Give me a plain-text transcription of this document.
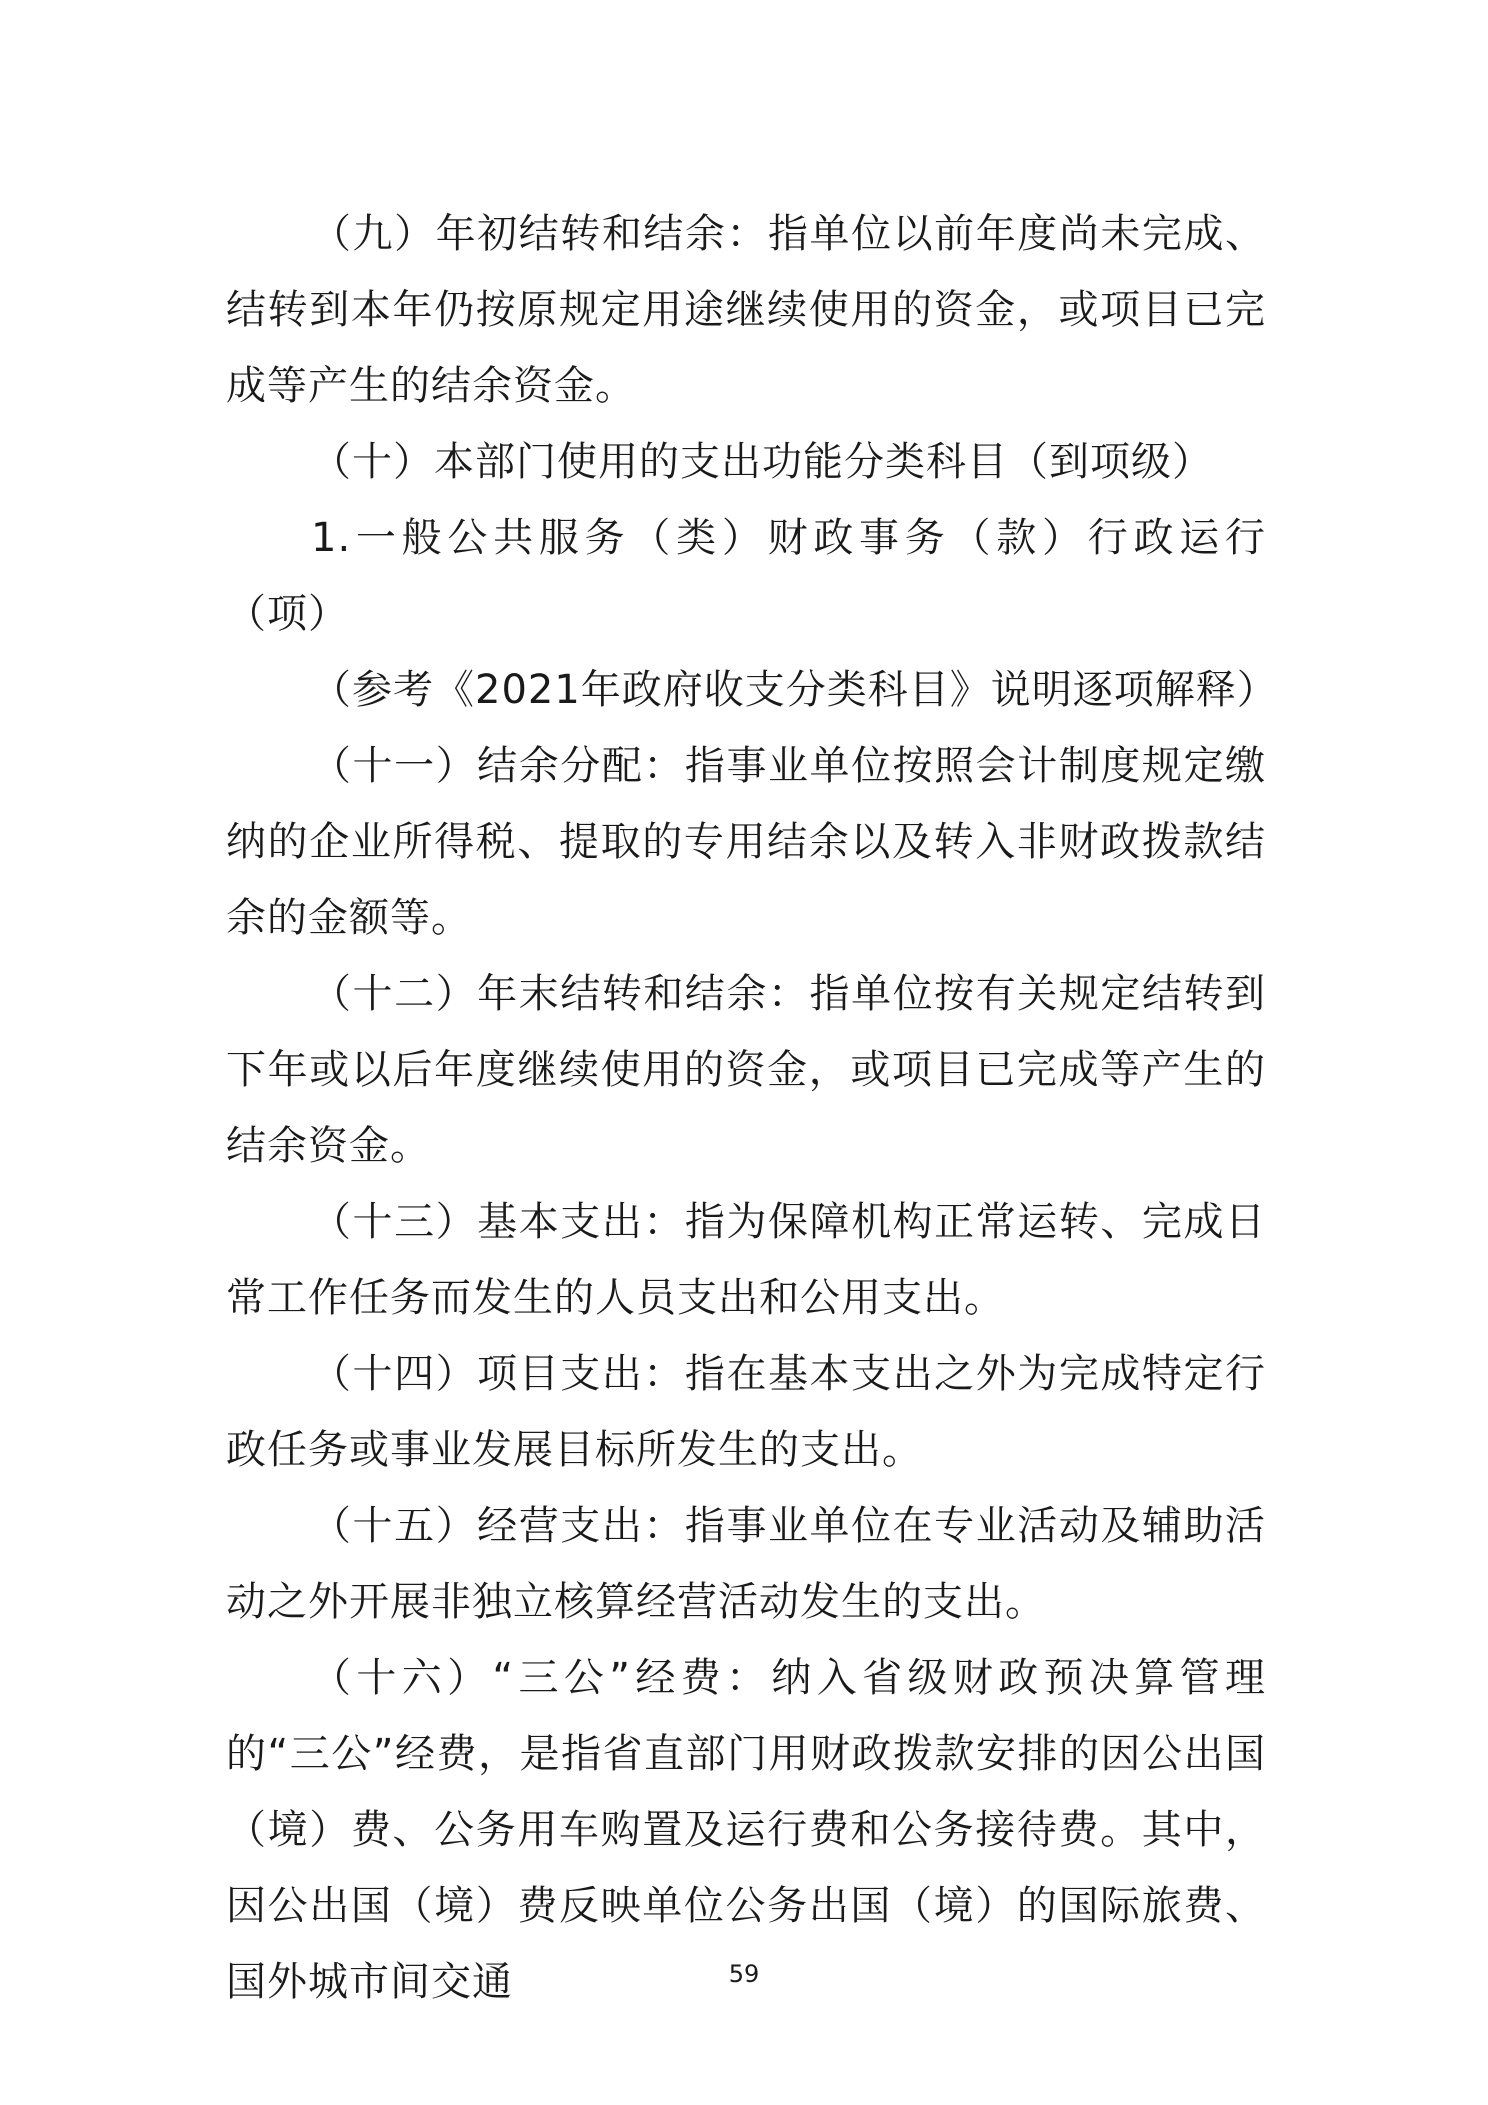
（九）年初结转和结余：指单位以前年度尚未完成、结转到本年仍按原规定用途继续使用的资金，或项目已完成等产生的结余资金。

（十）本部门使用的支出功能分类科目（到项级）

1.一般公共服务（类）财政事务（款）行政运行（项）

（参考《2021年政府收支分类科目》说明逐项解释）

（十一）结余分配：指事业单位按照会计制度规定缴纳的企业所得税、提取的专用结余以及转入非财政拨款结余的金额等。

（十二）年末结转和结余：指单位按有关规定结转到下年或以后年度继续使用的资金，或项目已完成等产生的结余资金。

（十三）基本支出：指为保障机构正常运转、完成日常工作任务而发生的人员支出和公用支出。

（十四）项目支出：指在基本支出之外为完成特定行政任务或事业发展目标所发生的支出。

（十五）经营支出：指事业单位在专业活动及辅助活动之外开展非独立核算经营活动发生的支出。

（十六）“三公”经费：纳入省级财政预决算管理的“三公”经费，是指省直部门用财政拨款安排的因公出国（境）费、公务用车购置及运行费和公务接待费。其中，因公出国（境）费反映单位公务出国（境）的国际旅费、国外城市间交通	59
